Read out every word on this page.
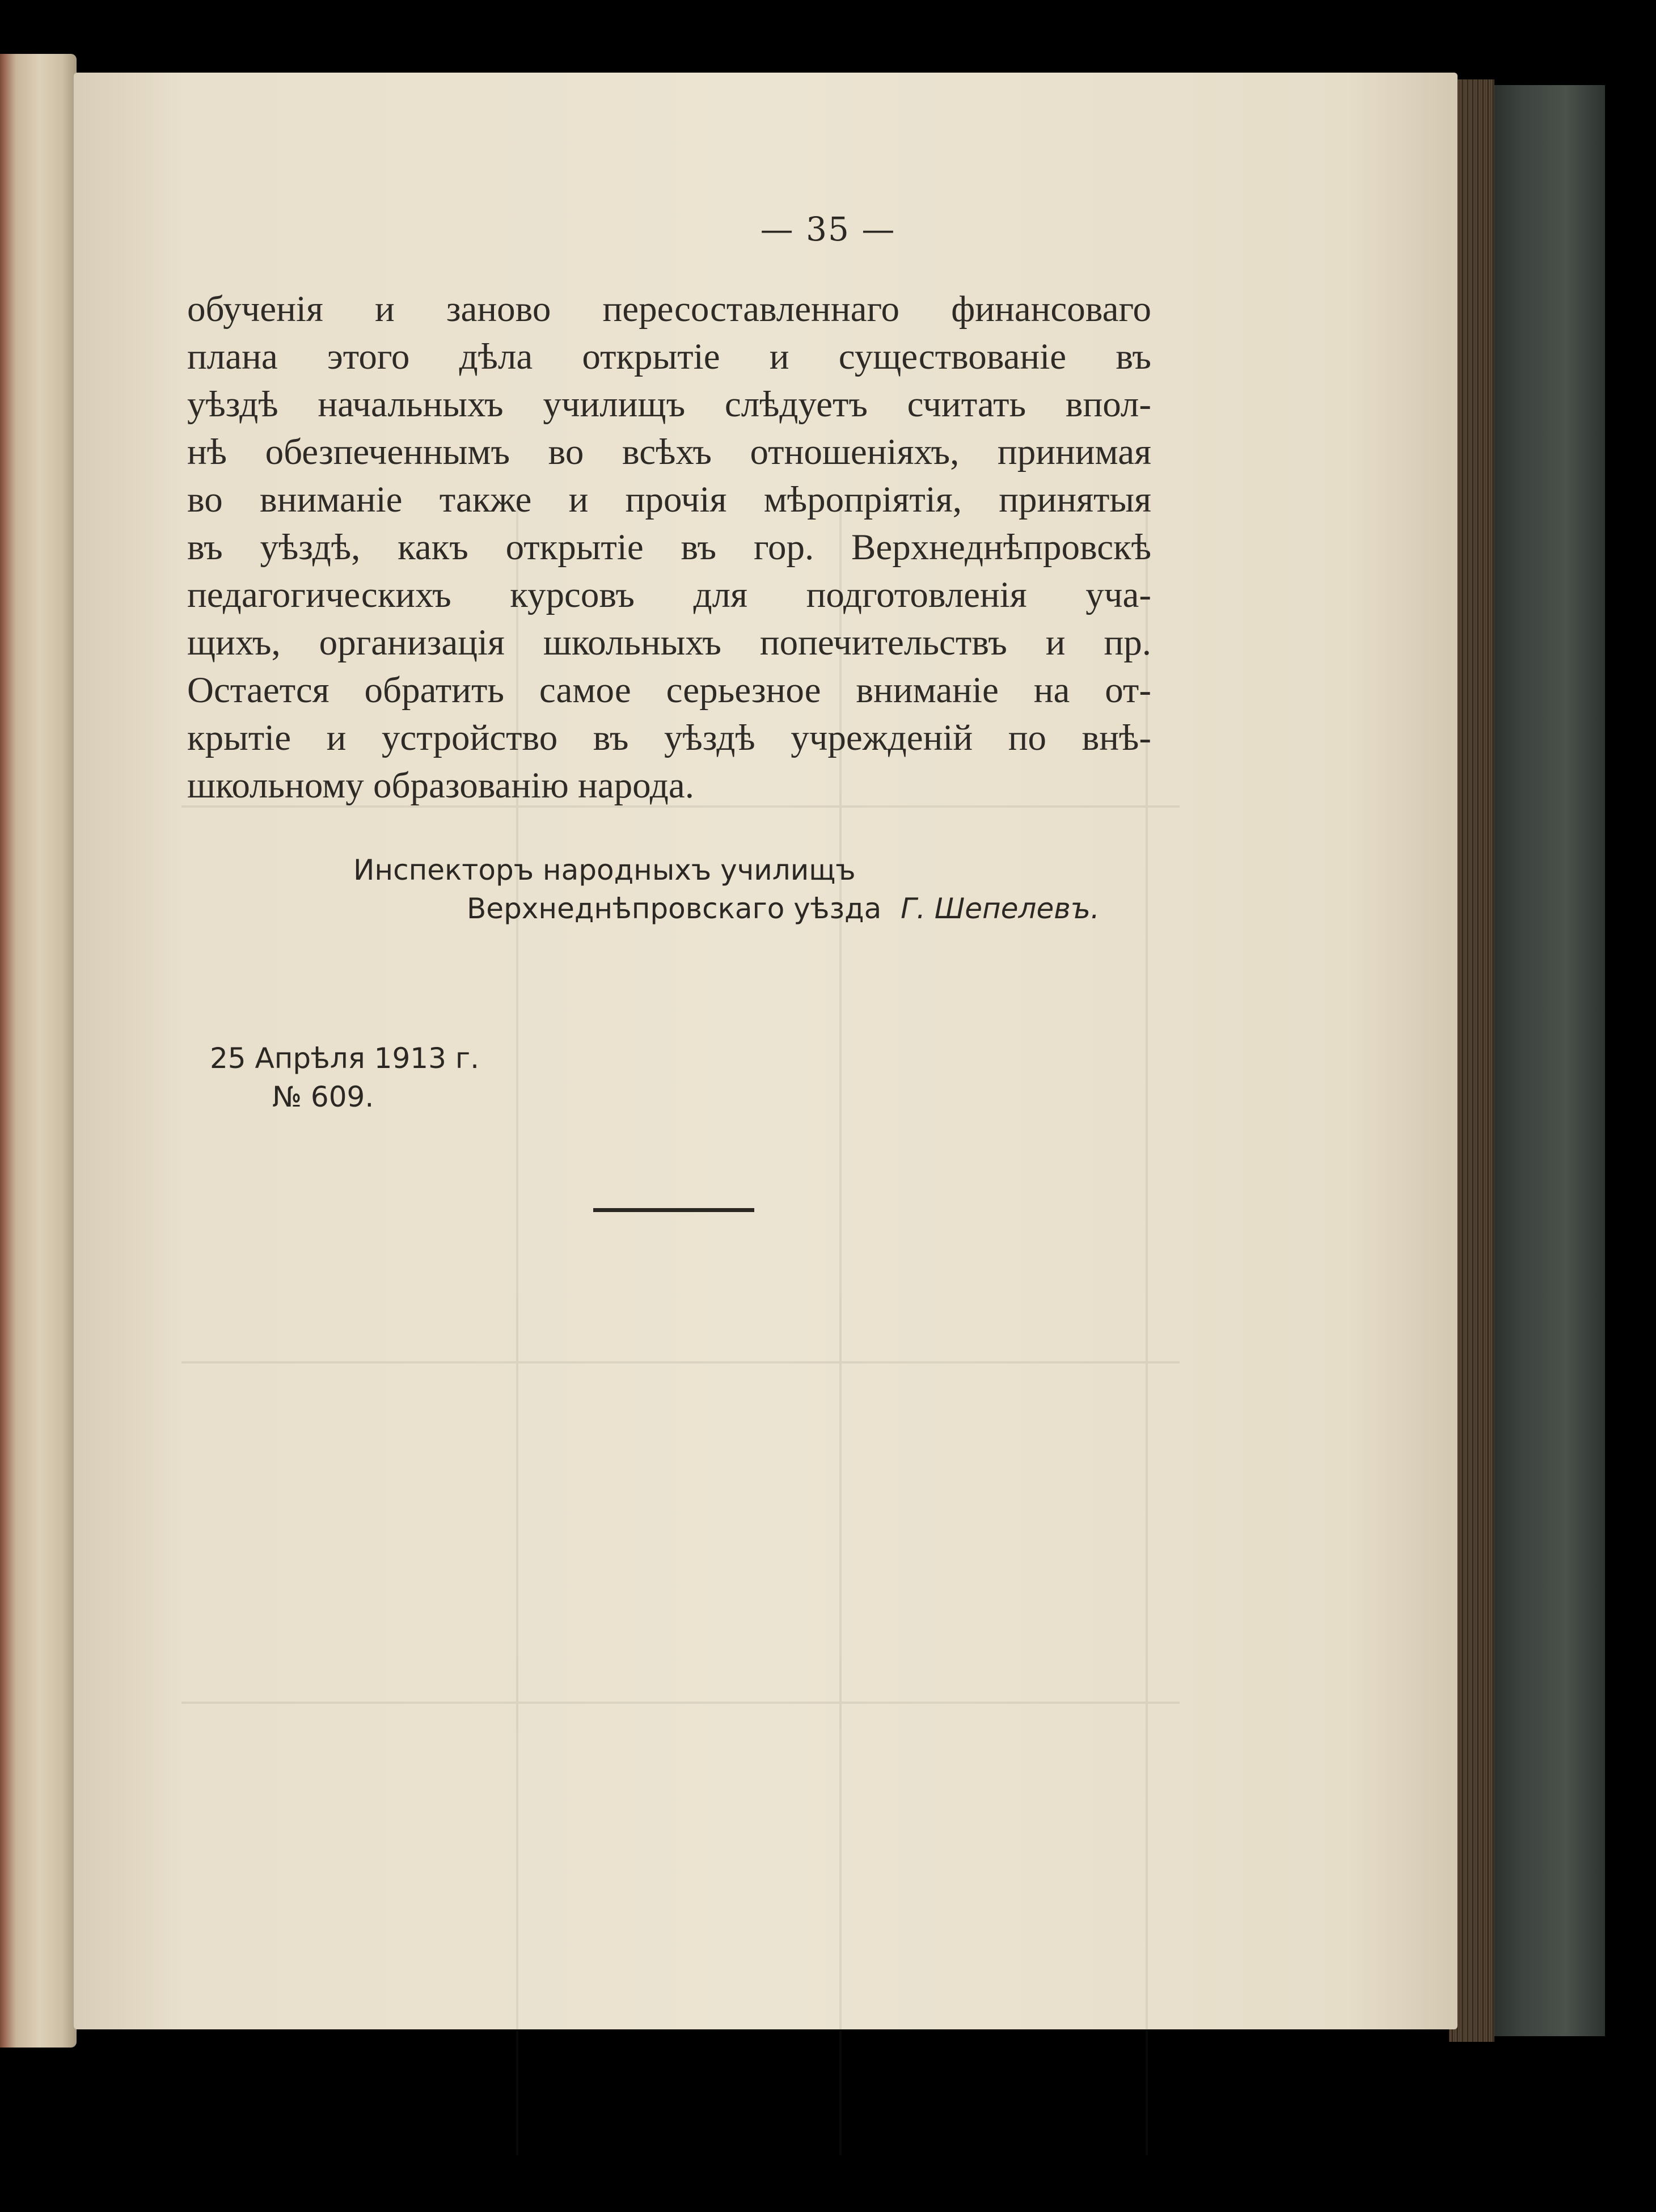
— 35 —
обученія и заново пересоставленнаго финансоваго
плана этого дѣла открытіе и существованіе въ
уѣздѣ начальныхъ училищъ слѣдуетъ считать впол-
нѣ обезпеченнымъ во всѣхъ отношеніяхъ, принимая
во вниманіе также и прочія мѣропріятія, принятыя
въ уѣздѣ, какъ открытіе въ гор. Верхнеднѣпровскѣ
педагогическихъ курсовъ для подготовленія уча-
щихъ, организація школьныхъ попечительствъ и пр.
Остается обратить самое серьезное вниманіе на от-
крытіе и устройство въ уѣздѣ учрежденій по внѣ-
школьному образованію народа.
Инспекторъ народныхъ училищъ
Верхнеднѣпровскаго уѣзда Г. Шепелевъ.
25 Апрѣля 1913 г.
№ 609.
